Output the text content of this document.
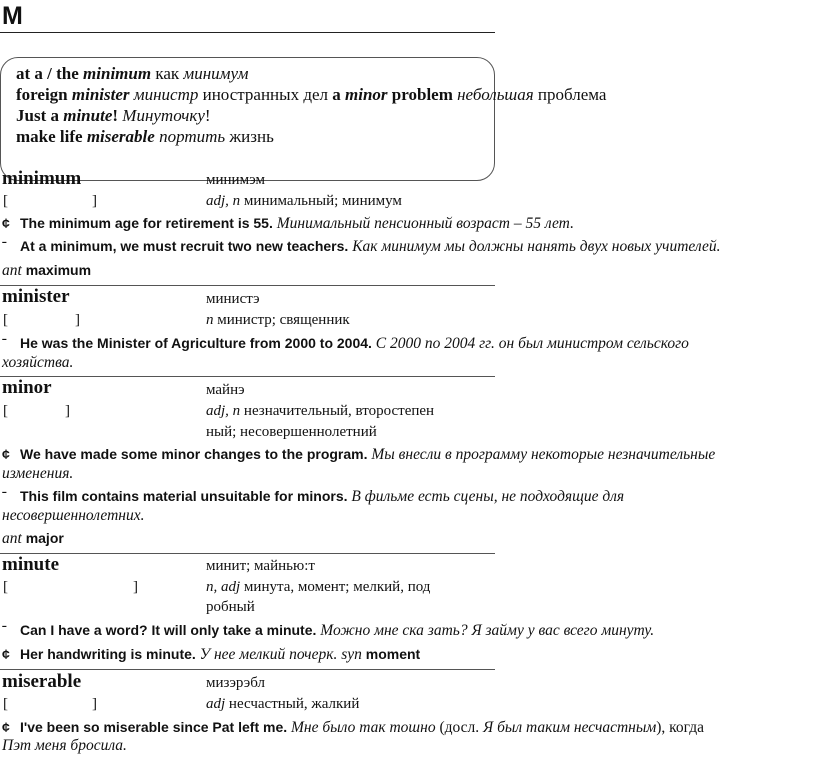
M
at a / the minimum как минимум
foreign minister министр иностранных дел a minor problem небольшая проблема
Just a minute! Минуточку!
make life miserable портить жизнь
minimum	минимэм
[	]	adj, n минимальный; минимум
¢ The minimum age for retirement is 55. Минимальный пенсионный возраст – 55 лет.
ˉ At a minimum, we must recruit two new teachers. Как минимум мы должны нанять двух новых учителей.
ant maximum
minister	министэ
[	]	n министр; священник
ˉ He was the Minister of Agriculture from 2000 to 2004. С 2000 по 2004 гг. он был министром сельского
хозяйства.
minor	майнэ
[	]	adj, n незначительный, второстепен
ный; несовершеннолетний
¢ We have made some minor changes to the program. Мы внесли в программу некоторые незначительные
изменения.
ˉ This film contains material unsuitable for minors. В фильме есть сцены, не подходящие для
несовершеннолетних.
ant major
minute	минит; майнью:т
[	]	n, adj минута, момент; мелкий, под
робный
ˉ Can I have a word? It will only take a minute. Можно мне ска зать? Я займу у вас всего минуту.
¢ Her handwriting is minute. У нее мелкий почерк. syn moment
miserable	мизэрэбл
[	]	adj несчастный, жалкий
¢ I've been so miserable since Pat left me. Мне было так тошно (досл. Я был таким несчастным), когда
Пэт меня бросила.
